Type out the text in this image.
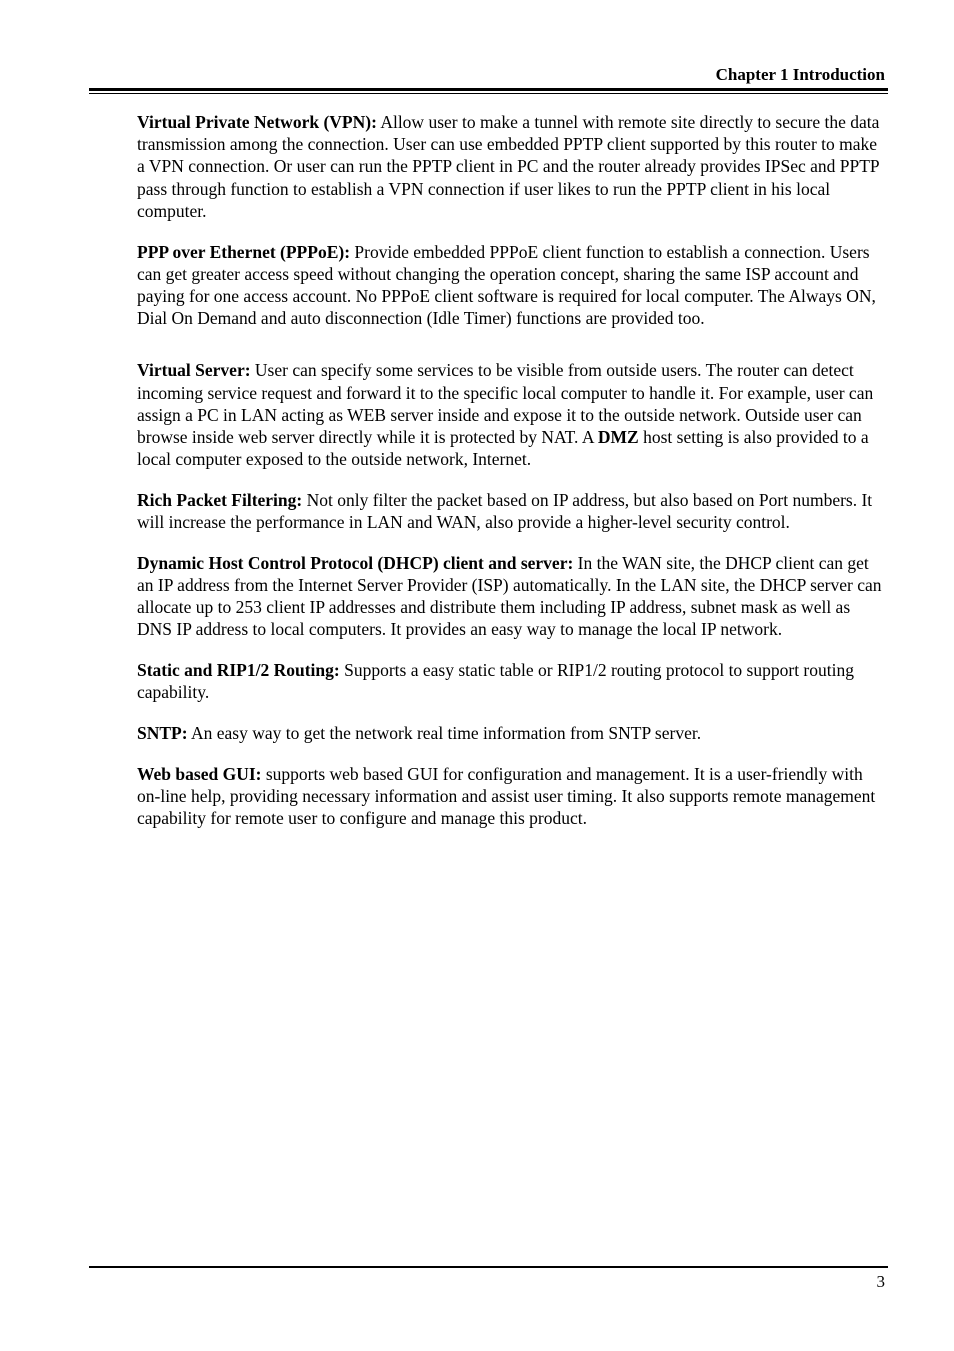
Chapter 1 Introduction

Virtual Private Network (VPN): Allow user to make a tunnel with remote site directly to secure the data transmission among the connection. User can use embedded PPTP client supported by this router to make a VPN connection. Or user can run the PPTP client in PC and the router already provides IPSec and PPTP pass through function to establish a VPN connection if user likes to run the PPTP client in his local computer.

PPP over Ethernet (PPPoE): Provide embedded PPPoE client function to establish a connection. Users can get greater access speed without changing the operation concept, sharing the same ISP account and paying for one access account. No PPPoE client software is required for local computer. The Always ON, Dial On Demand and auto disconnection (Idle Timer) functions are provided too.

Virtual Server: User can specify some services to be visible from outside users. The router can detect incoming service request and forward it to the specific local computer to handle it. For example, user can assign a PC in LAN acting as WEB server inside and expose it to the outside network. Outside user can browse inside web server directly while it is protected by NAT. A DMZ host setting is also provided to a local computer exposed to the outside network, Internet.

Rich Packet Filtering: Not only filter the packet based on IP address, but also based on Port numbers. It will increase the performance in LAN and WAN, also provide a higher-level security control.

Dynamic Host Control Protocol (DHCP) client and server: In the WAN site, the DHCP client can get an IP address from the Internet Server Provider (ISP) automatically. In the LAN site, the DHCP server can allocate up to 253 client IP addresses and distribute them including IP address, subnet mask as well as DNS IP address to local computers. It provides an easy way to manage the local IP network.

Static and RIP1/2 Routing: Supports a easy static table or RIP1/2 routing protocol to support routing capability.

SNTP: An easy way to get the network real time information from SNTP server.

Web based GUI: supports web based GUI for configuration and management. It is a user-friendly with on-line help, providing necessary information and assist user timing. It also supports remote management capability for remote user to configure and manage this product.

3
